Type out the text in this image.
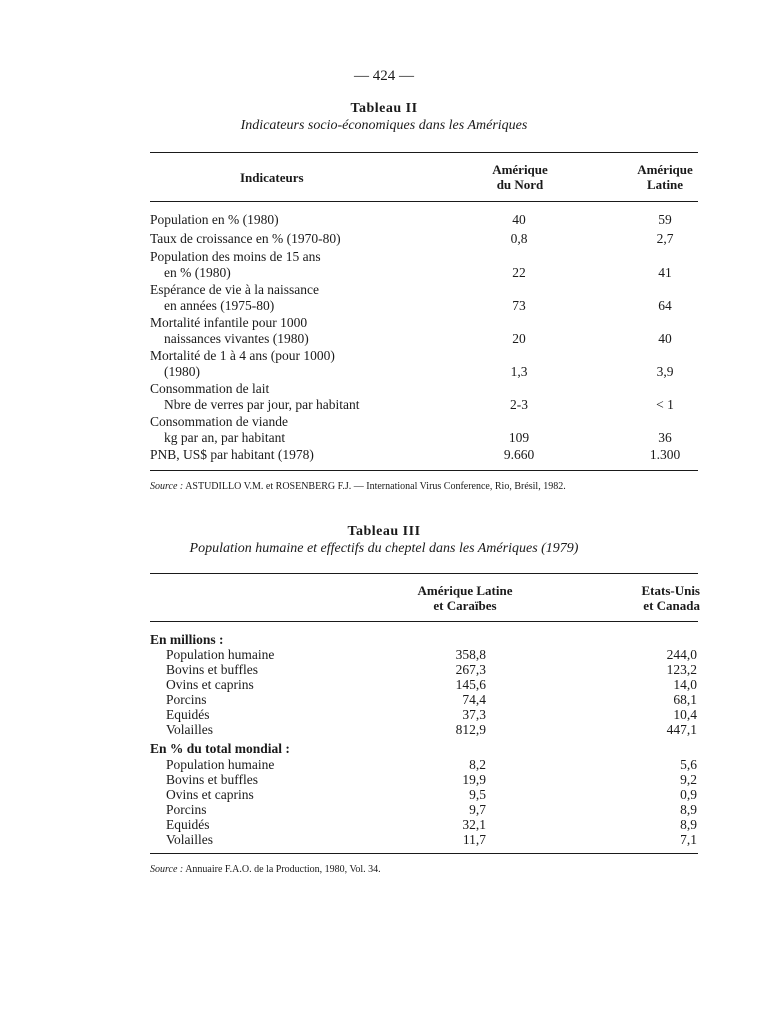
— 424 —
Tableau II
Indicateurs socio-économiques dans les Amériques
Indicateurs
Amérique
du Nord
Amérique
Latine
Population en % (1980)	40	59
Taux de croissance en % (1970-80)	0,8	2,7
Population des moins de 15 ans
en % (1980)	22	41
Espérance de vie à la naissance
en années (1975-80)	73	64
Mortalité infantile pour 1000
naissances vivantes (1980)	20	40
Mortalité de 1 à 4 ans (pour 1000)
(1980)	1,3	3,9
Consommation de lait
Nbre de verres par jour, par habitant	2-3	< 1
Consommation de viande
kg par an, par habitant	109	36
PNB, US$ par habitant (1978)	9.660	1.300
Source : ASTUDILLO V.M. et ROSENBERG F.J. — International Virus Conference, Rio, Brésil, 1982.
Tableau III
Population humaine et effectifs du cheptel dans les Amériques (1979)
Amérique Latine
et Caraïbes
Etats-Unis
et Canada
En millions :
Population humaine	358,8	244,0
Bovins et buffles	267,3	123,2
Ovins et caprins	145,6	14,0
Porcins	74,4	68,1
Equidés	37,3	10,4
Volailles	812,9	447,1
En % du total mondial :
Population humaine	8,2	5,6
Bovins et buffles	19,9	9,2
Ovins et caprins	9,5	0,9
Porcins	9,7	8,9
Equidés	32,1	8,9
Volailles	11,7	7,1
Source : Annuaire F.A.O. de la Production, 1980, Vol. 34.
